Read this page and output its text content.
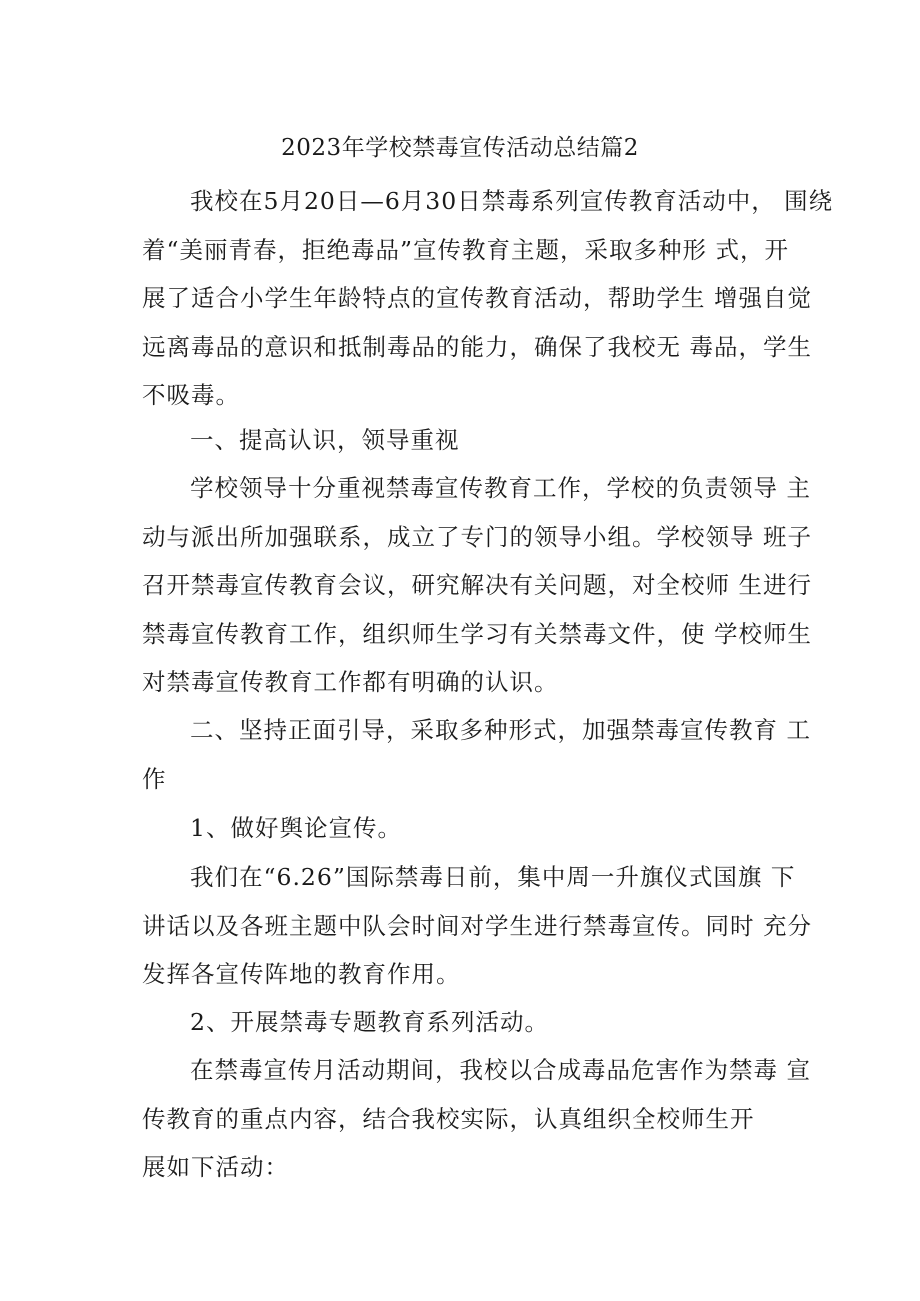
2023年学校禁毒宣传活动总结篇2

我校在5月20日—6月30日禁毒系列宣传教育活动中， 围绕
着“美丽青春，拒绝毒品”宣传教育主题，采取多种形 式，开
展了适合小学生年龄特点的宣传教育活动，帮助学生 增强自觉
远离毒品的意识和抵制毒品的能力，确保了我校无 毒品，学生
不吸毒。

一、提高认识，领导重视

学校领导十分重视禁毒宣传教育工作，学校的负责领导 主
动与派出所加强联系，成立了专门的领导小组。学校领导 班子
召开禁毒宣传教育会议，研究解决有关问题，对全校师 生进行
禁毒宣传教育工作，组织师生学习有关禁毒文件，使 学校师生
对禁毒宣传教育工作都有明确的认识。

二、坚持正面引导，采取多种形式，加强禁毒宣传教育 工
作

1、做好舆论宣传。

我们在“6.26”国际禁毒日前，集中周一升旗仪式国旗 下
讲话以及各班主题中队会时间对学生进行禁毒宣传。同时 充分
发挥各宣传阵地的教育作用。

2、开展禁毒专题教育系列活动。

在禁毒宣传月活动期间，我校以合成毒品危害作为禁毒 宣
传教育的重点内容，结合我校实际，认真组织全校师生开
展如下活动：
